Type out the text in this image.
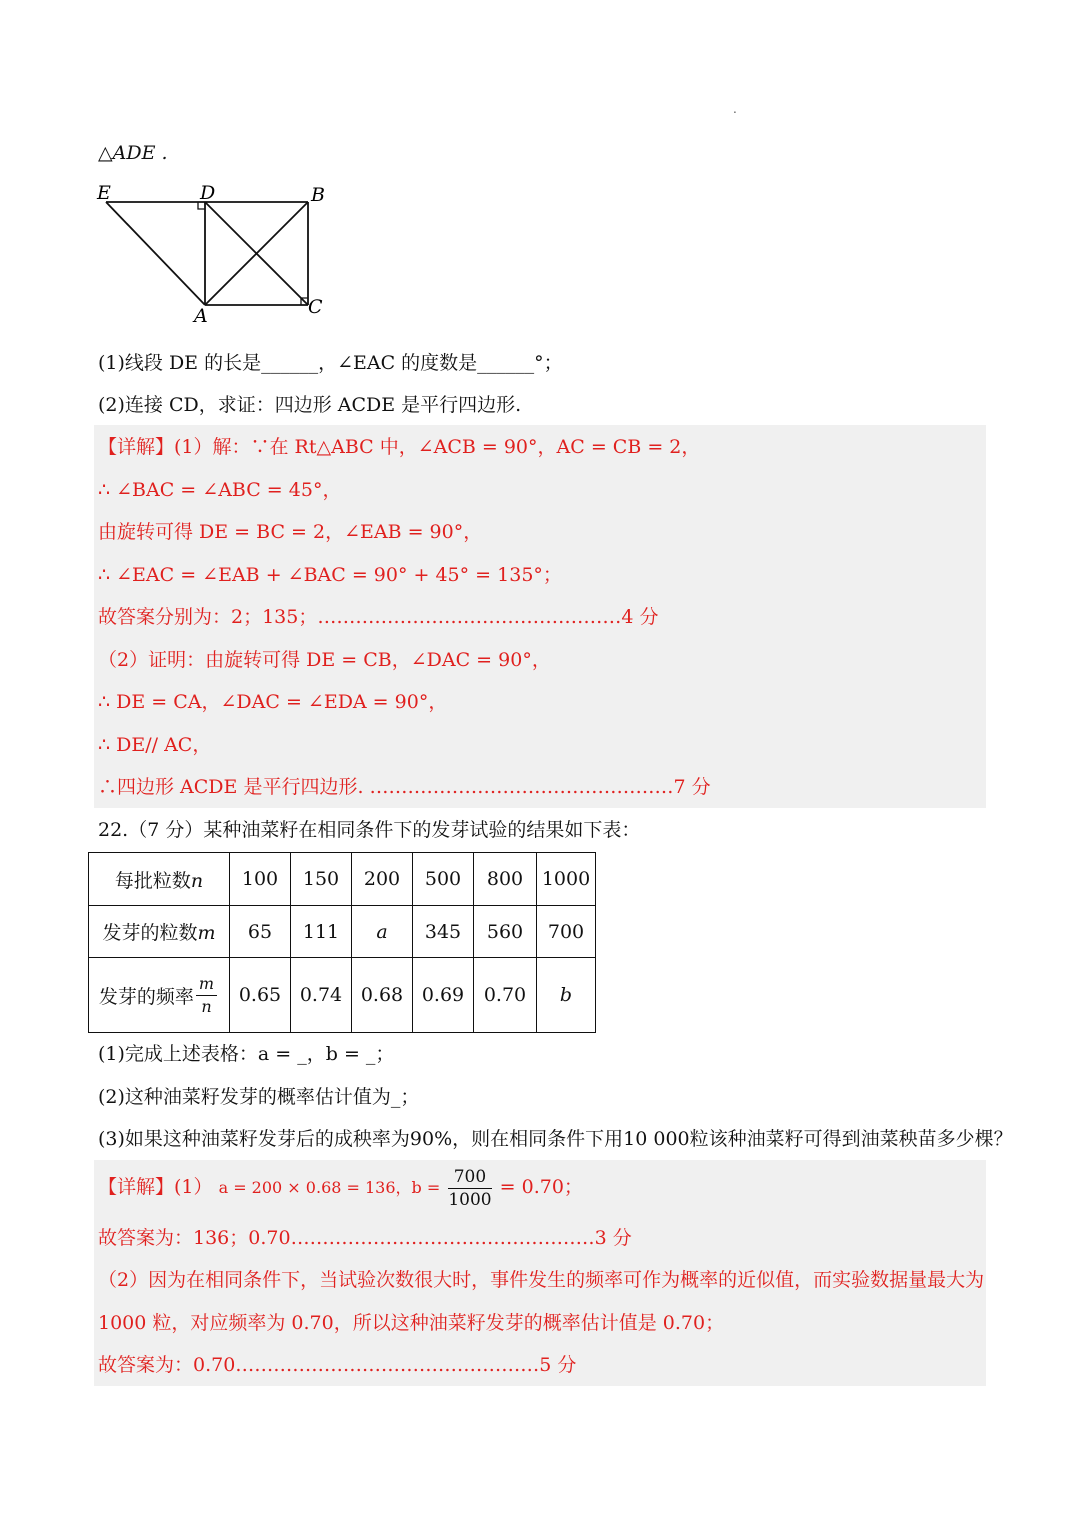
.
△ADE .
E	D	B
A	C
(1)线段 DE 的长是______，∠EAC 的度数是______°；
(2)连接 CD，求证：四边形 ACDE 是平行四边形.
【详解】(1）解：∵在 Rt△ABC 中，∠ACB = 90°，AC = CB = 2，
∴ ∠BAC = ∠ABC = 45°，
由旋转可得 DE = BC = 2，∠EAB = 90°，
∴ ∠EAC = ∠EAB + ∠BAC = 90° + 45° = 135°；
故答案分别为：2；135；…………………………………………4 分
（2）证明：由旋转可得 DE = CB，∠DAC = 90°，
∴ DE = CA，∠DAC = ∠EDA = 90°，
∴ DE// AC，
∴四边形 ACDE 是平行四边形. …………………………………………7 分
22.（7 分）某种油菜籽在相同条件下的发芽试验的结果如下表：
每批粒数n	100	150	200	500	800	1000
发芽的粒数m	65	111	a	345	560	700
发芽的频率 $\frac{m}{n}$	0.65	0.74	0.68	0.69	0.70	b
(1)完成上述表格：a = _，b = _；
(2)这种油菜籽发芽的概率估计值为_；
(3)如果这种油菜籽发芽后的成秧率为90%，则在相同条件下用10 000粒该种油菜籽可得到油菜秧苗多少棵？
【详解】(1） a = 200 × 0.68 = 136，$b = \frac{700}{1000} = 0.70$；
故答案为：136；0.70…………………………………………3 分
（2）因为在相同条件下，当试验次数很大时，事件发生的频率可作为概率的近似值，而实验数据量最大为
1000 粒，对应频率为 0.70，所以这种油菜籽发芽的概率估计值是 0.70；
故答案为：0.70…………………………………………5 分
